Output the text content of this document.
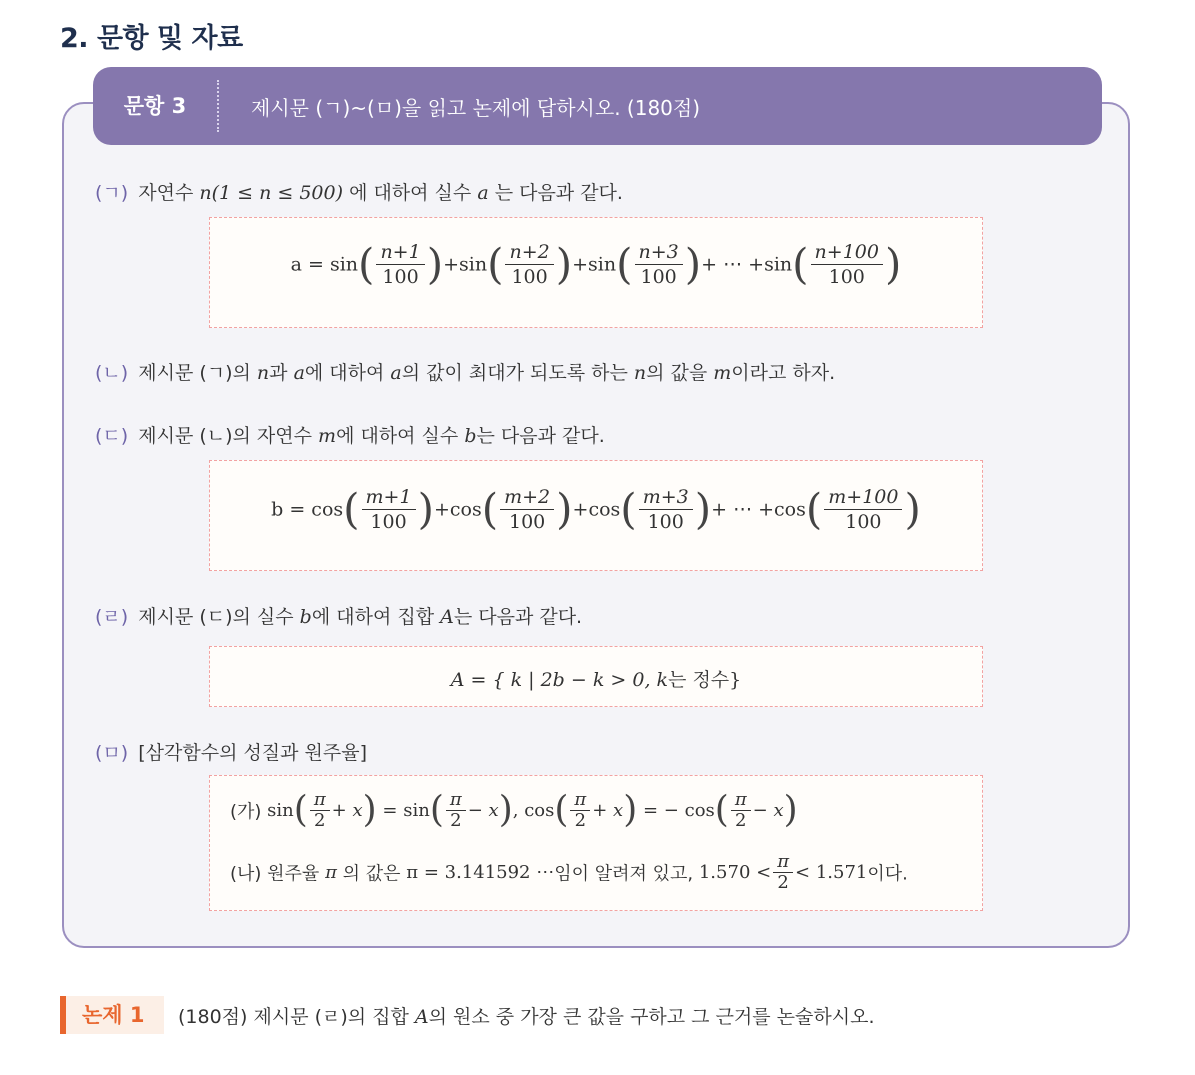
2. 문항 및 자료
문항 3	제시문 (ㄱ)~(ㅁ)을 읽고 논제에 답하시오. (180점)
(ㄱ) 자연수 n(1 ≤ n ≤ 500) 에 대하여 실수 a 는 다음과 같다.
$a = \sin( \frac{n+1}{100} )+\sin( \frac{n+2}{100} )+\sin( \frac{n+3}{100}$ )+ ⋯ $+\sin( \frac{n+100}{100}$ )
(ㄴ) 제시문 (ㄱ)의 n과 a에 대하여 a의 값이 최대가 되도록 하는 n의 값을 m이라고 하자.
(ㄷ) 제시문 (ㄴ)의 자연수 m에 대하여 실수 b는 다음과 같다.
$b = \cos( \frac{m+1}{100} )+\cos( \frac{m+2}{100} )+\cos( \frac{m+3}{100}$ )+ ⋯ $+\cos( \frac{m+100}{100}$ )
(ㄹ) 제시문 (ㄷ)의 실수 b에 대하여 집합 A는 다음과 같다.
A = { k | 2b − k > 0, k는 정수}
(ㅁ) [삼각함수의 성질과 원주율]
(가) $\sin( \frac{\pi}{2} + x) = \sin( \frac{\pi}{2} - x)$, $\cos( \frac{\pi}{2} + x)$ = − $\cos( \frac{\pi}{2} - x)$
(나) 원주율 π 의 값은 π = 3.141592 ⋯임이 알려져 있고, $1.570 < \frac{\pi}{2} < 1.571$이다.
논제 1	(180점) 제시문 (ㄹ)의 집합 A의 원소 중 가장 큰 값을 구하고 그 근거를 논술하시오.
